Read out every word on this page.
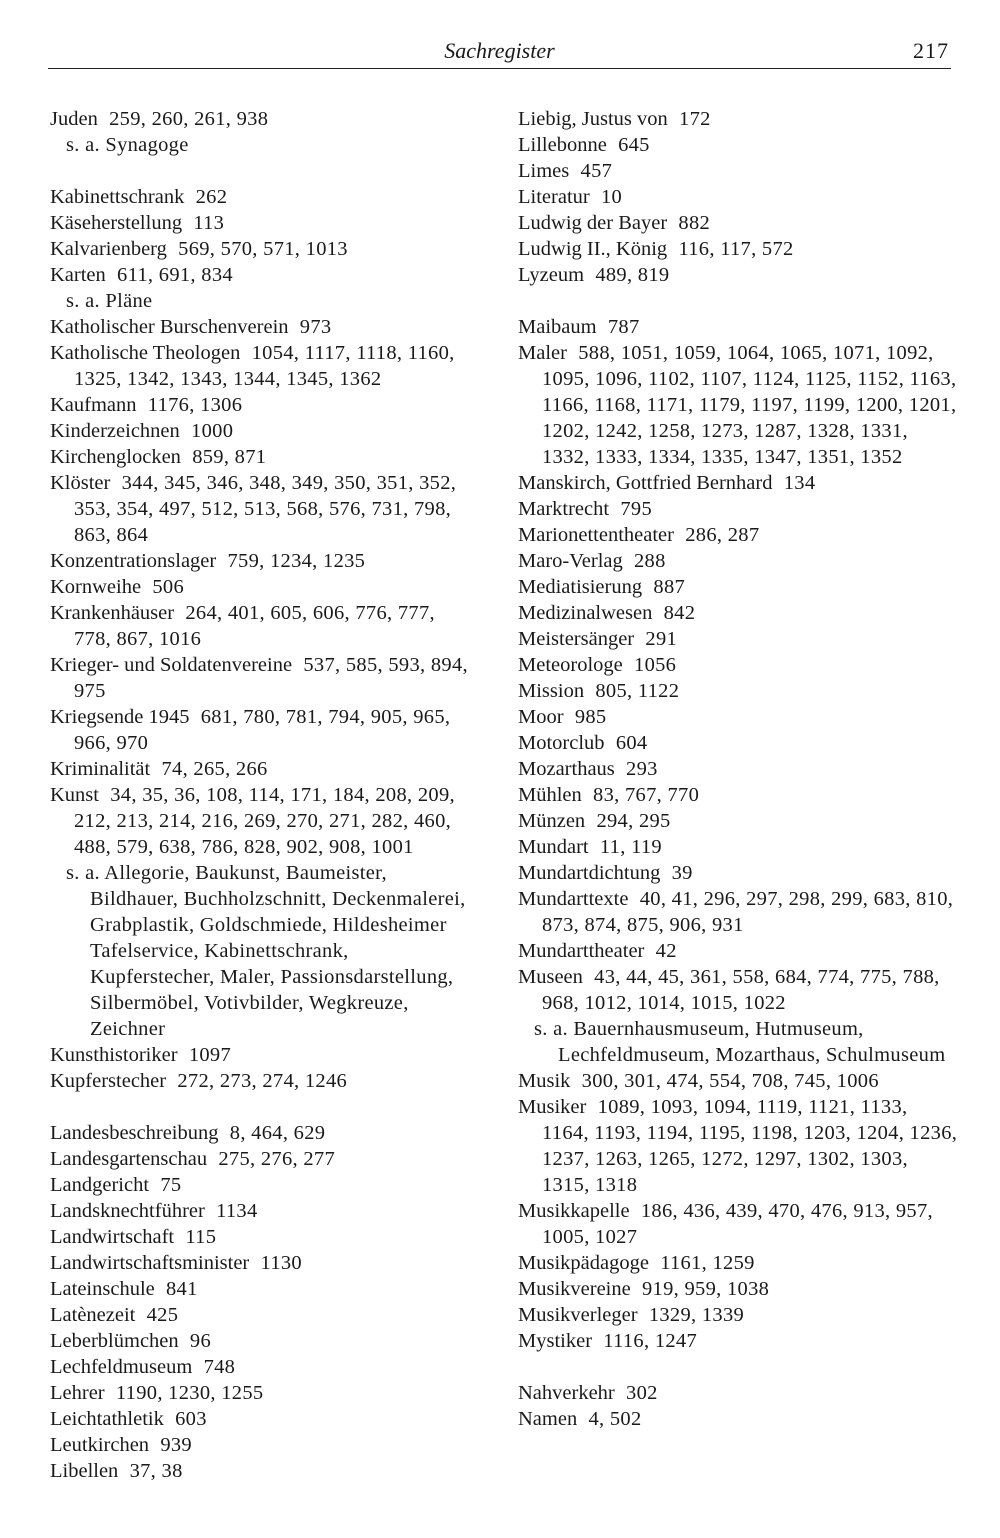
Sachregister	217
Juden 259, 260, 261, 938
s. a. Synagoge
Kabinettschrank 262
Käseherstellung 113
Kalvarienberg 569, 570, 571, 1013
Karten 611, 691, 834
s. a. Pläne
Katholischer Burschenverein 973
Katholische Theologen 1054, 1117, 1118, 1160, 1325, 1342, 1343, 1344, 1345, 1362
Kaufmann 1176, 1306
Kinderzeichnen 1000
Kirchenglocken 859, 871
Klöster 344, 345, 346, 348, 349, 350, 351, 352, 353, 354, 497, 512, 513, 568, 576, 731, 798, 863, 864
Konzentrationslager 759, 1234, 1235
Kornweihe 506
Krankenhäuser 264, 401, 605, 606, 776, 777, 778, 867, 1016
Krieger- und Soldatenvereine 537, 585, 593, 894, 975
Kriegsende 1945 681, 780, 781, 794, 905, 965, 966, 970
Kriminalität 74, 265, 266
Kunst 34, 35, 36, 108, 114, 171, 184, 208, 209, 212, 213, 214, 216, 269, 270, 271, 282, 460, 488, 579, 638, 786, 828, 902, 908, 1001
s. a. Allegorie, Baukunst, Baumeister, Bildhauer, Buchholzschnitt, Deckenmalerei, Grabplastik, Goldschmiede, Hildesheimer Tafelservice, Kabinettschrank, Kupferstecher, Maler, Passionsdarstellung, Silbermöbel, Votivbilder, Wegkreuze, Zeichner
Kunsthistoriker 1097
Kupferstecher 272, 273, 274, 1246
Landesbeschreibung 8, 464, 629
Landesgartenschau 275, 276, 277
Landgericht 75
Landsknechtführer 1134
Landwirtschaft 115
Landwirtschaftsminister 1130
Lateinschule 841
Latènezeit 425
Leberblümchen 96
Lechfeldmuseum 748
Lehrer 1190, 1230, 1255
Leichtathletik 603
Leutkirchen 939
Libellen 37, 38
Liebig, Justus von 172
Lillebonne 645
Limes 457
Literatur 10
Ludwig der Bayer 882
Ludwig II., König 116, 117, 572
Lyzeum 489, 819
Maibaum 787
Maler 588, 1051, 1059, 1064, 1065, 1071, 1092, 1095, 1096, 1102, 1107, 1124, 1125, 1152, 1163, 1166, 1168, 1171, 1179, 1197, 1199, 1200, 1201, 1202, 1242, 1258, 1273, 1287, 1328, 1331, 1332, 1333, 1334, 1335, 1347, 1351, 1352
Manskirch, Gottfried Bernhard 134
Marktrecht 795
Marionettentheater 286, 287
Maro-Verlag 288
Mediatisierung 887
Medizinalwesen 842
Meistersänger 291
Meteorologe 1056
Mission 805, 1122
Moor 985
Motorclub 604
Mozarthaus 293
Mühlen 83, 767, 770
Münzen 294, 295
Mundart 11, 119
Mundartdichtung 39
Mundarttexte 40, 41, 296, 297, 298, 299, 683, 810, 873, 874, 875, 906, 931
Mundarttheater 42
Museen 43, 44, 45, 361, 558, 684, 774, 775, 788, 968, 1012, 1014, 1015, 1022
s. a. Bauernhausmuseum, Hutmuseum, Lechfeldmuseum, Mozarthaus, Schulmuseum
Musik 300, 301, 474, 554, 708, 745, 1006
Musiker 1089, 1093, 1094, 1119, 1121, 1133, 1164, 1193, 1194, 1195, 1198, 1203, 1204, 1236, 1237, 1263, 1265, 1272, 1297, 1302, 1303, 1315, 1318
Musikkapelle 186, 436, 439, 470, 476, 913, 957, 1005, 1027
Musikpädagoge 1161, 1259
Musikvereine 919, 959, 1038
Musikverleger 1329, 1339
Mystiker 1116, 1247
Nahverkehr 302
Namen 4, 502
